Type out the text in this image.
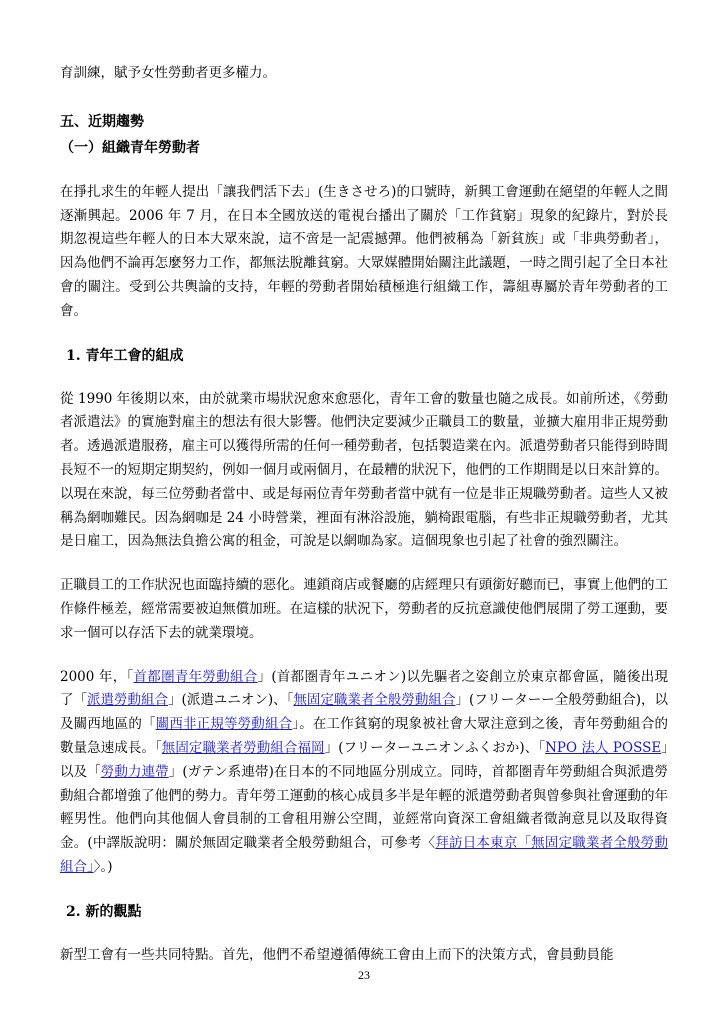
育訓練，賦予女性勞動者更多權力。

五、近期趨勢
（一）組織青年勞動者

在掙扎求生的年輕人提出「讓我們活下去」(生きさせろ)的口號時，新興工會運動在絕望的年輕人之間逐漸興起。2006 年 7 月，在日本全國放送的電視台播出了關於「工作貧窮」現象的紀錄片，對於長期忽視這些年輕人的日本大眾來說，這不啻是一記震撼彈。他們被稱為「新貧族」或「非典勞動者」，因為他們不論再怎麼努力工作，都無法脫離貧窮。大眾媒體開始關注此議題，一時之間引起了全日本社會的關注。受到公共輿論的支持，年輕的勞動者開始積極進行組織工作，籌組專屬於青年勞動者的工會。

1. 青年工會的組成

從 1990 年後期以來，由於就業市場狀況愈來愈惡化，青年工會的數量也隨之成長。如前所述，《勞動者派遣法》的實施對雇主的想法有很大影響。他們決定要減少正職員工的數量，並擴大雇用非正規勞動者。透過派遣服務，雇主可以獲得所需的任何一種勞動者，包括製造業在內。派遣勞動者只能得到時間長短不一的短期定期契約，例如一個月或兩個月，在最糟的狀況下，他們的工作期間是以日來計算的。以現在來說，每三位勞動者當中、或是每兩位青年勞動者當中就有一位是非正規職勞動者。這些人又被稱為網咖難民。因為網咖是 24 小時營業，裡面有淋浴設施，躺椅跟電腦，有些非正規職勞動者，尤其是日雇工，因為無法負擔公寓的租金，可說是以網咖為家。這個現象也引起了社會的強烈關注。

正職員工的工作狀況也面臨持續的惡化。連鎖商店或餐廳的店經理只有頭銜好聽而已，事實上他們的工作條件極差，經常需要被迫無償加班。在這樣的狀況下，勞動者的反抗意識使他們展開了勞工運動，要求一個可以存活下去的就業環境。

2000 年，「首都圏青年勞動組合」(首都圏青年ユニオン)以先驅者之姿創立於東京都會區，隨後出現了「派遣勞動組合」(派遣ユニオン)、「無固定職業者全般勞動組合」(フリーターー全般勞動組合)，以及關西地區的「關西非正規等勞動組合」。在工作貧窮的現象被社會大眾注意到之後，青年勞動組合的數量急速成長。「無固定職業者勞動組合福岡」(フリーターユニオンふくおか)、「NPO 法人 POSSE」以及「勞動力連帶」(ガテン系連帯)在日本的不同地區分別成立。同時，首都圏青年勞動組合與派遣勞動組合都增強了他們的勢力。青年勞工運動的核心成員多半是年輕的派遣勞動者與曾參與社會運動的年輕男性。他們向其他個人會員制的工會租用辦公空間，並經常向資深工會組織者徵詢意見以及取得資金。(中譯版說明：關於無固定職業者全般勞動組合，可參考〈拜訪日本東京「無固定職業者全般勞動組合」〉。)

2. 新的觀點

新型工會有一些共同特點。首先，他們不希望遵循傳統工會由上而下的決策方式，會員動員能

23
